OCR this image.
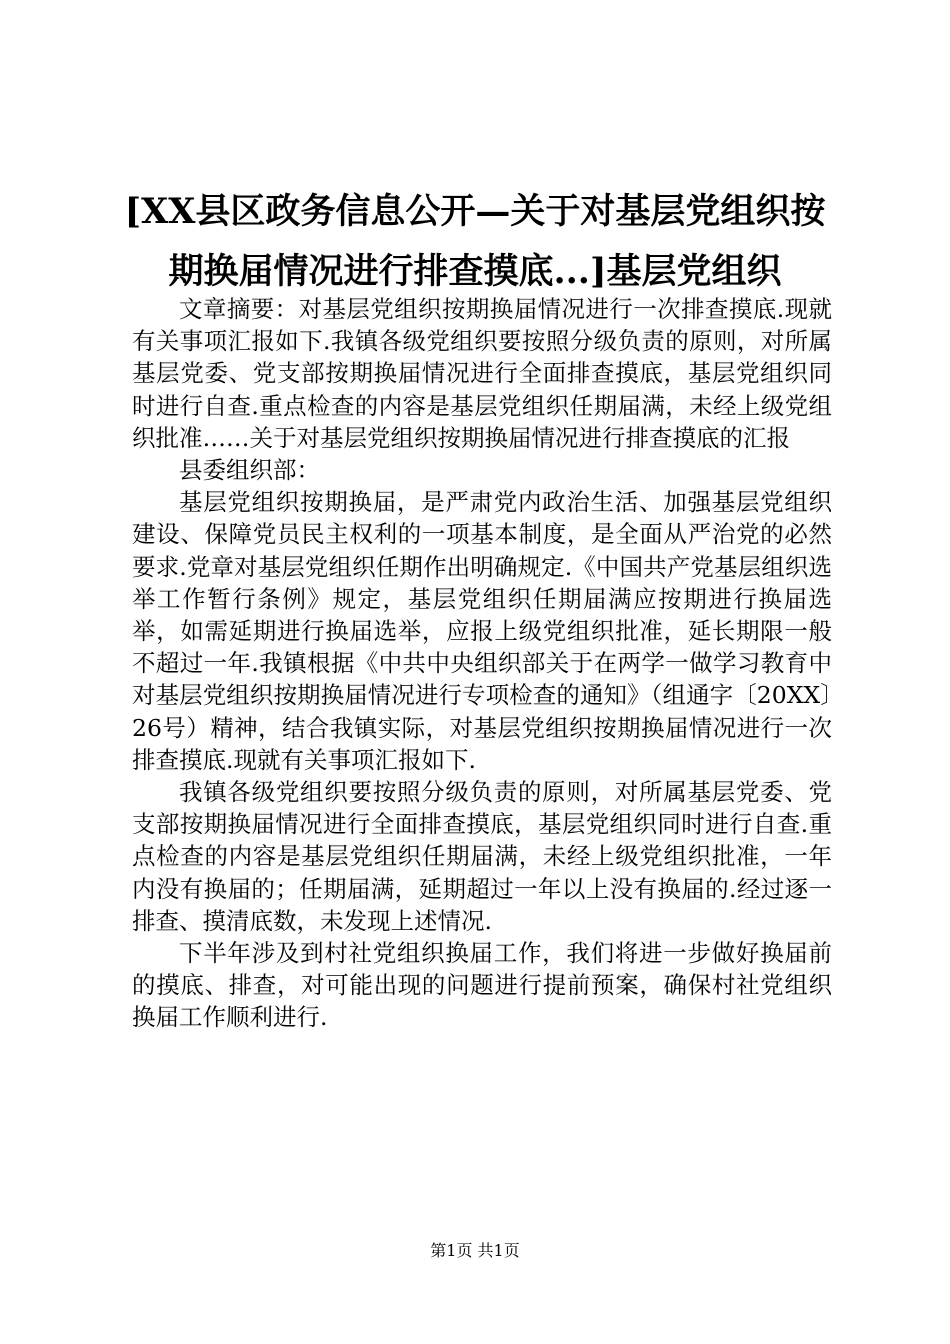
[XX县区政务信息公开—关于对基层党组织按
期换届情况进行排查摸底...]基层党组织

文章摘要：对基层党组织按期换届情况进行一次排查摸底.现就有关事项汇报如下.我镇各级党组织要按照分级负责的原则，对所属基层党委、党支部按期换届情况进行全面排查摸底，基层党组织同时进行自查.重点检查的内容是基层党组织任期届满，未经上级党组织批准……关于对基层党组织按期换届情况进行排查摸底的汇报

县委组织部：

基层党组织按期换届，是严肃党内政治生活、加强基层党组织建设、保障党员民主权利的一项基本制度，是全面从严治党的必然要求.党章对基层党组织任期作出明确规定.《中国共产党基层组织选举工作暂行条例》规定，基层党组织任期届满应按期进行换届选举，如需延期进行换届选举，应报上级党组织批准，延长期限一般不超过一年.我镇根据《中共中央组织部关于在两学一做学习教育中对基层党组织按期换届情况进行专项检查的通知》（组通字〔20XX〕26号）精神，结合我镇实际，对基层党组织按期换届情况进行一次排查摸底.现就有关事项汇报如下.

我镇各级党组织要按照分级负责的原则，对所属基层党委、党支部按期换届情况进行全面排查摸底，基层党组织同时进行自查.重点检查的内容是基层党组织任期届满，未经上级党组织批准，一年内没有换届的；任期届满，延期超过一年以上没有换届的.经过逐一排查、摸清底数，未发现上述情况.

下半年涉及到村社党组织换届工作，我们将进一步做好换届前的摸底、排查，对可能出现的问题进行提前预案，确保村社党组织换届工作顺利进行.

第1页 共1页
